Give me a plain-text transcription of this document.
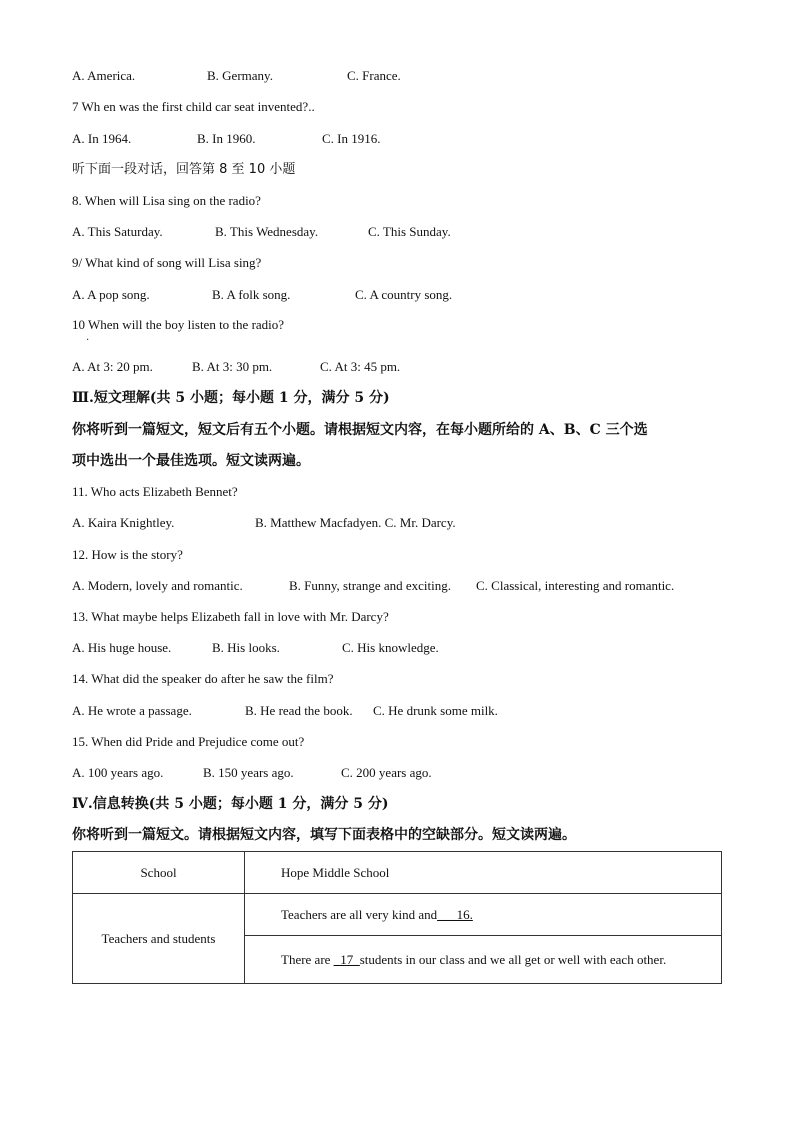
A. America.	B. Germany.	C. France.
7 Wh en was the first child car seat invented?..
A. In 1964.	B. In 1960.	C. In 1916.
听下面一段对话，回答第 8 至 10 小题
8. When will Lisa sing on the radio?
A. This Saturday.	B. This Wednesday.	C. This Sunday.
9/ What kind of song will Lisa sing?
A. A pop song.	B. A folk song.	C. A country song.
10 When will the boy listen to the radio?
·
A. At 3: 20 pm.	B. At 3: 30 pm.	C. At 3: 45 pm.
Ⅲ.短文理解(共 5 小题；每小题 1 分，满分 5 分)
你将听到一篇短文，短文后有五个小题。请根据短文内容，在每小题所给的 A、B、C 三个选
项中选出一个最佳选项。短文读两遍。
11. Who acts Elizabeth Bennet?
A. Kaira Knightley.	B. Matthew Macfadyen. C. Mr. Darcy.
12. How is the story?
A. Modern, lovely and romantic.	B. Funny, strange and exciting. C. Classical, interesting and romantic.
13. What maybe helps Elizabeth fall in love with Mr. Darcy?
A. His huge house.	B. His looks.	C. His knowledge.
14. What did the speaker do after he saw the film?
A. He wrote a passage.	B. He read the book. C. He drunk some milk.
15. When did Pride and Prejudice come out?
A. 100 years ago.	B. 150 years ago.	C. 200 years ago.
Ⅳ.信息转换(共 5 小题；每小题 1 分，满分 5 分)
你将听到一篇短文。请根据短文内容，填写下面表格中的空缺部分。短文读两遍。
School	Hope Middle School
Teachers and students	Teachers are all very kind and___16.
	There are _17_students in our class and we all get or well with each other.
